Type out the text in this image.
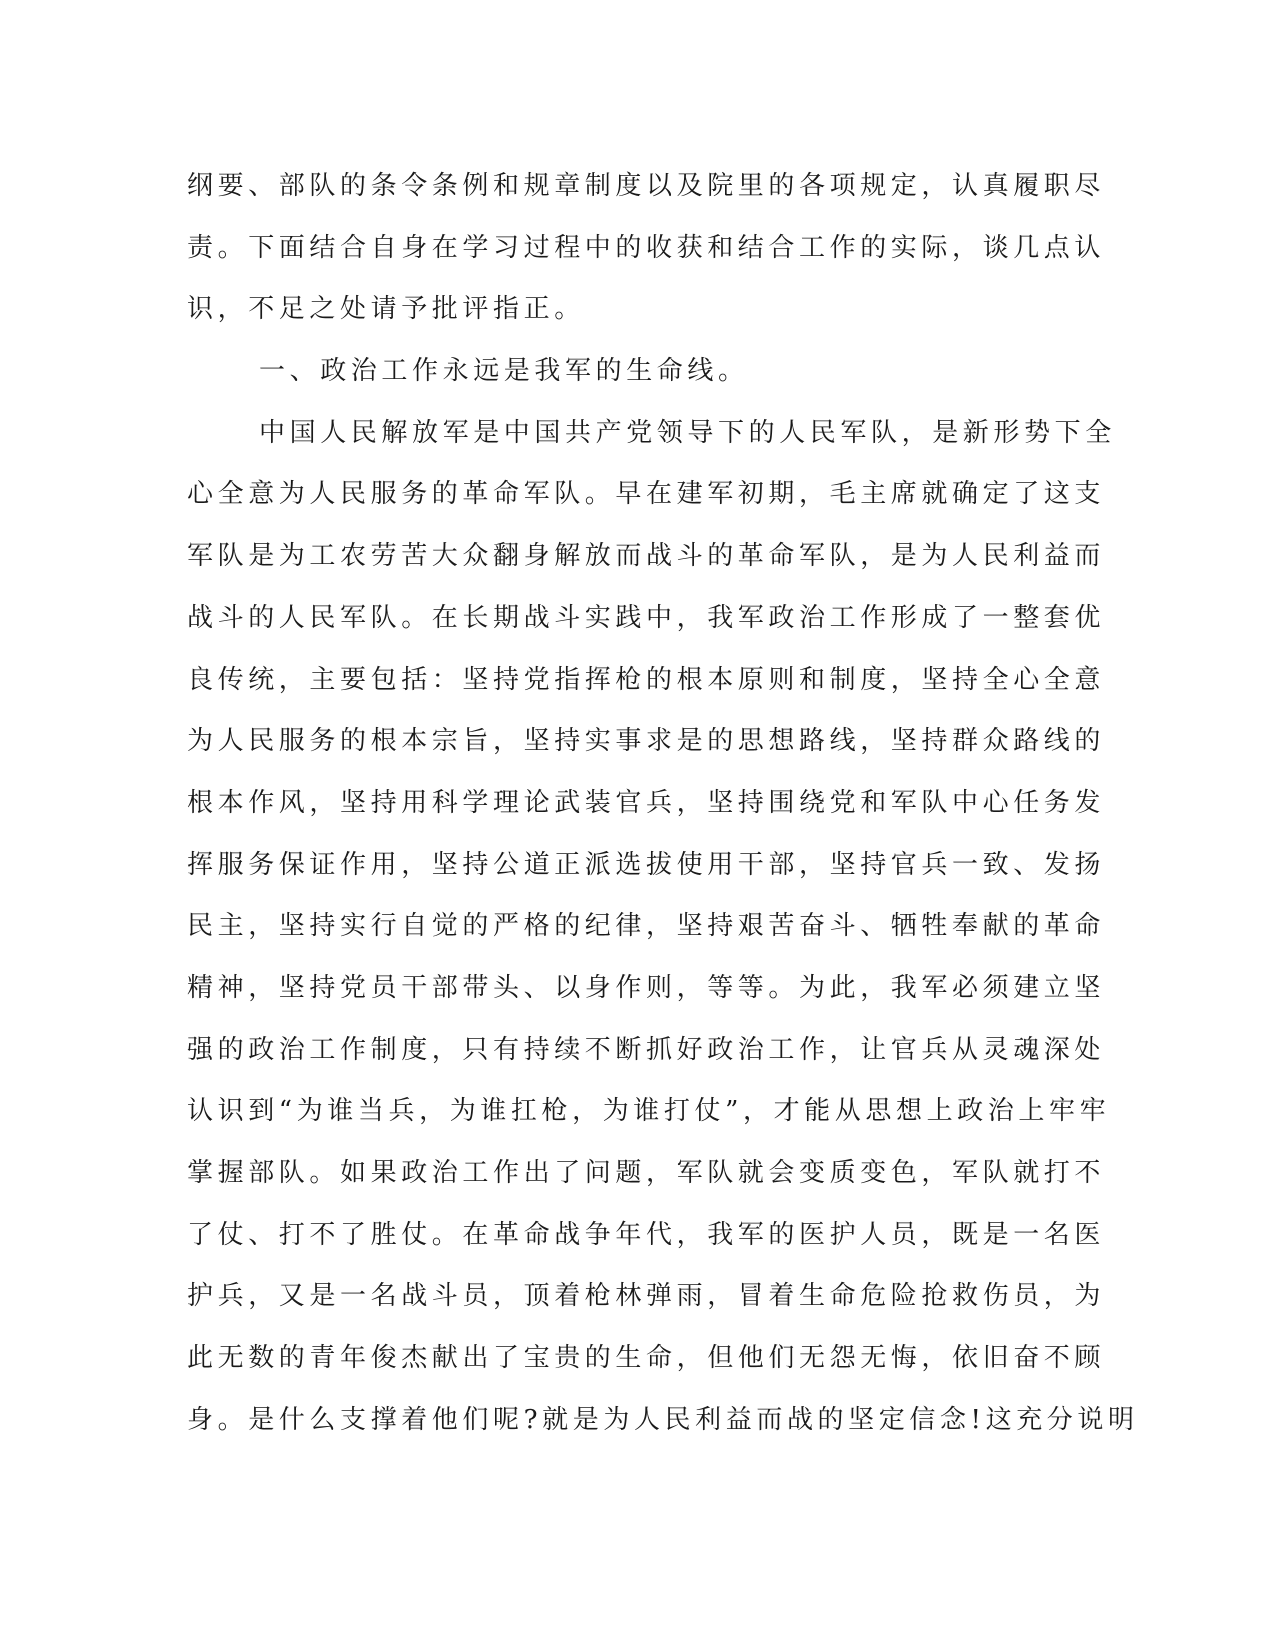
纲要、部队的条令条例和规章制度以及院里的各项规定，认真履职尽
责。下面结合自身在学习过程中的收获和结合工作的实际，谈几点认
识，不足之处请予批评指正。
一、政治工作永远是我军的生命线。
中国人民解放军是中国共产党领导下的人民军队，是新形势下全
心全意为人民服务的革命军队。早在建军初期，毛主席就确定了这支
军队是为工农劳苦大众翻身解放而战斗的革命军队，是为人民利益而
战斗的人民军队。在长期战斗实践中，我军政治工作形成了一整套优
良传统，主要包括：坚持党指挥枪的根本原则和制度，坚持全心全意
为人民服务的根本宗旨，坚持实事求是的思想路线，坚持群众路线的
根本作风，坚持用科学理论武装官兵，坚持围绕党和军队中心任务发
挥服务保证作用，坚持公道正派选拔使用干部，坚持官兵一致、发扬
民主，坚持实行自觉的严格的纪律，坚持艰苦奋斗、牺牲奉献的革命
精神，坚持党员干部带头、以身作则，等等。为此，我军必须建立坚
强的政治工作制度，只有持续不断抓好政治工作，让官兵从灵魂深处
认识到“为谁当兵，为谁扛枪，为谁打仗”，才能从思想上政治上牢牢
掌握部队。如果政治工作出了问题，军队就会变质变色，军队就打不
了仗、打不了胜仗。在革命战争年代，我军的医护人员，既是一名医
护兵，又是一名战斗员，顶着枪林弹雨，冒着生命危险抢救伤员，为
此无数的青年俊杰献出了宝贵的生命，但他们无怨无悔，依旧奋不顾
身。是什么支撑着他们呢?就是为人民利益而战的坚定信念!这充分说明
